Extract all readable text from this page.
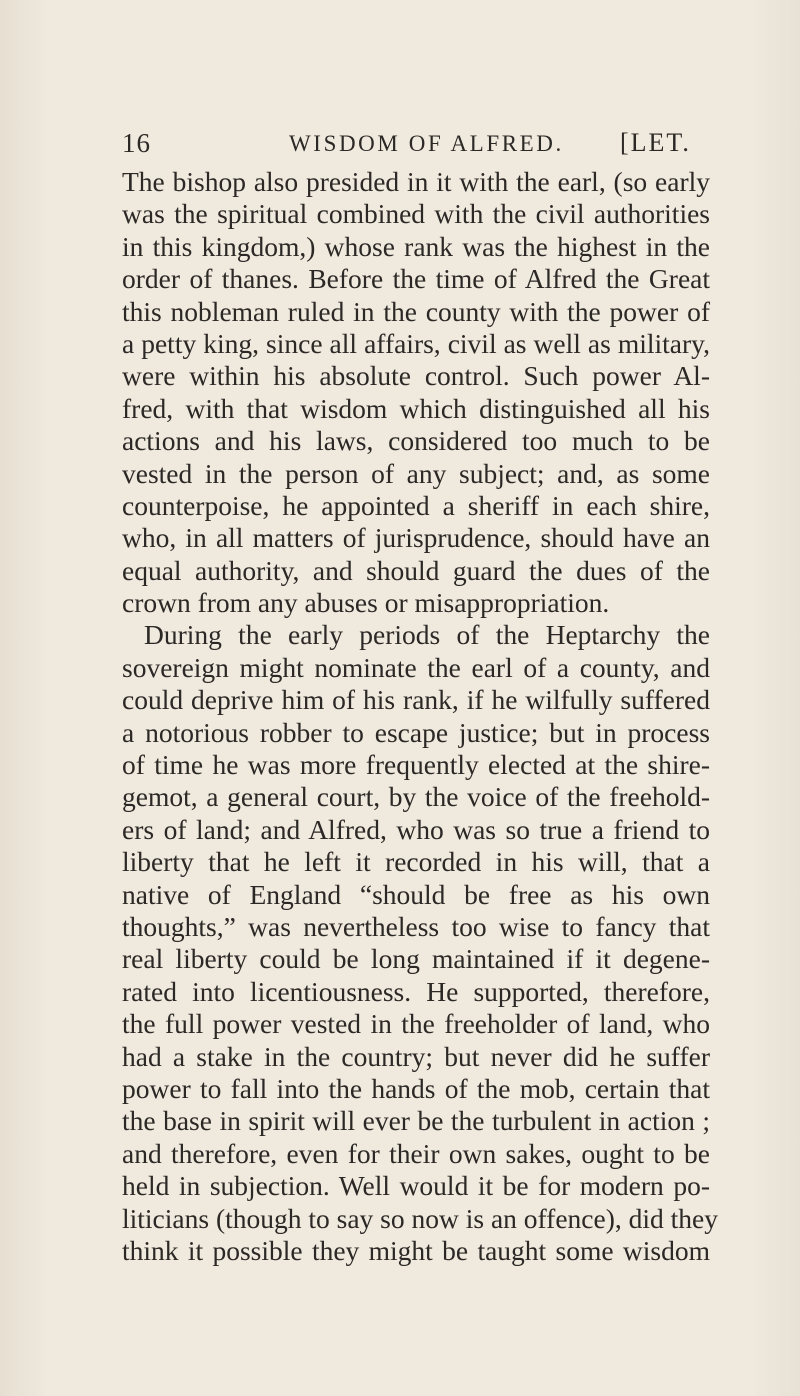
16	WISDOM OF ALFRED. [LET.
The bishop also presided in it with the earl, (so early
was the spiritual combined with the civil authorities
in this kingdom,) whose rank was the highest in the
order of thanes. Before the time of Alfred the Great
this nobleman ruled in the county with the power of
a petty king, since all affairs, civil as well as military,
were within his absolute control. Such power Al-
fred, with that wisdom which distinguished all his
actions and his laws, considered too much to be
vested in the person of any subject; and, as some
counterpoise, he appointed a sheriff in each shire,
who, in all matters of jurisprudence, should have an
equal authority, and should guard the dues of the
crown from any abuses or misappropriation.
During the early periods of the Heptarchy the
sovereign might nominate the earl of a county, and
could deprive him of his rank, if he wilfully suffered
a notorious robber to escape justice; but in process
of time he was more frequently elected at the shire-
gemot, a general court, by the voice of the freehold-
ers of land; and Alfred, who was so true a friend to
liberty that he left it recorded in his will, that a
native of England “should be free as his own
thoughts,” was nevertheless too wise to fancy that
real liberty could be long maintained if it degene-
rated into licentiousness. He supported, therefore,
the full power vested in the freeholder of land, who
had a stake in the country; but never did he suffer
power to fall into the hands of the mob, certain that
the base in spirit will ever be the turbulent in action ;
and therefore, even for their own sakes, ought to be
held in subjection. Well would it be for modern po-
liticians (though to say so now is an offence), did they
think it possible they might be taught some wisdom
